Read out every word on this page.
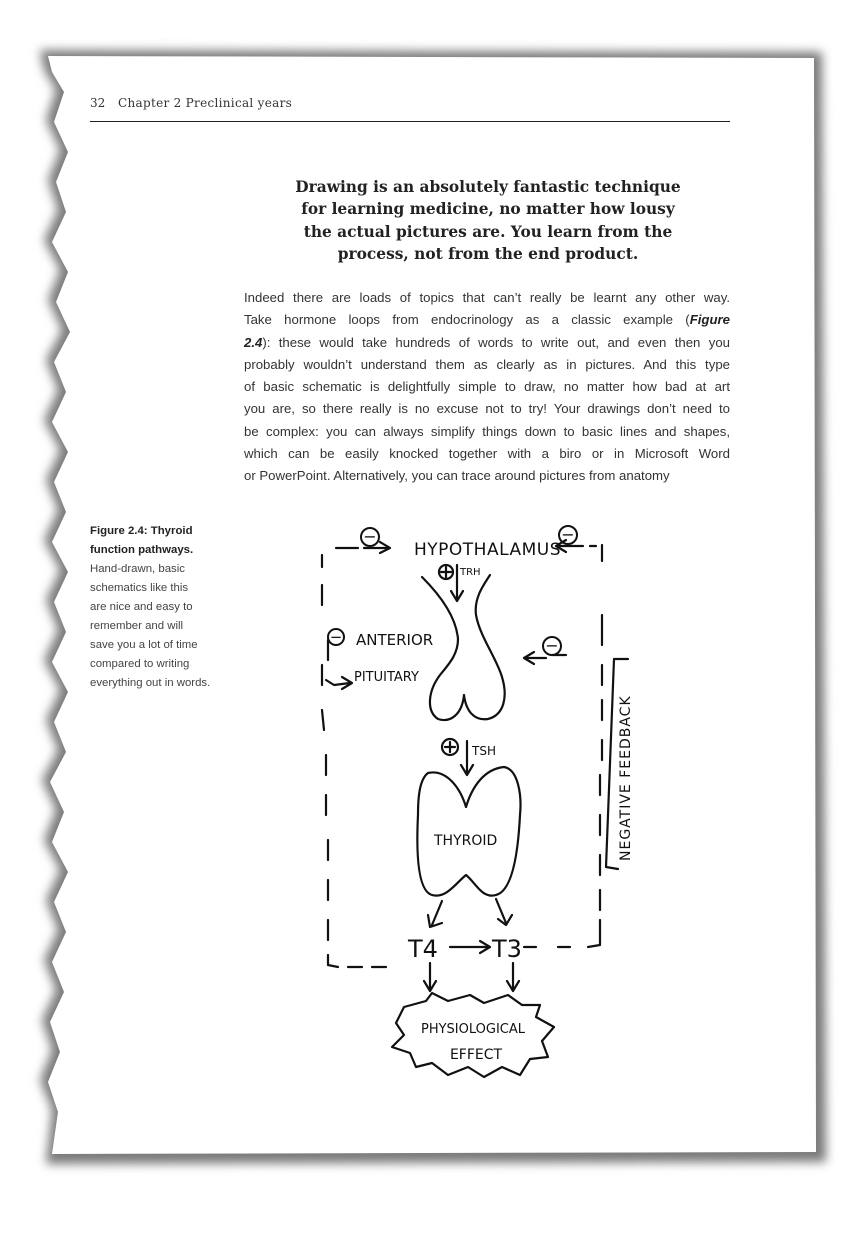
32 Chapter 2 Preclinical years
Drawing is an absolutely fantastic technique
for learning medicine, no matter how lousy
the actual pictures are. You learn from the
process, not from the end product.
Indeed there are loads of topics that can’t really be learnt any other way.
Take hormone loops from endocrinology as a classic example (Figure
2.4): these would take hundreds of words to write out, and even then you
probably wouldn’t understand them as clearly as in pictures. And this type
of basic schematic is delightfully simple to draw, no matter how bad at art
you are, so there really is no excuse not to try! Your drawings don’t need to
be complex: you can always simplify things down to basic lines and shapes,
which can be easily knocked together with a biro or in Microsoft Word
or PowerPoint. Alternatively, you can trace around pictures from anatomy
Figure 2.4: Thyroid
function pathways.
Hand-drawn, basic
schematics like this
are nice and easy to
remember and will
save you a lot of time
compared to writing
everything out in words.
−	−
−	−
HYPOTHALAMUS
TRH
ANTERIOR
PITUITARY
TSH
THYROID
T4 T3
NEGATIVE FEEDBACK
PHYSIOLOGICAL
EFFECT
